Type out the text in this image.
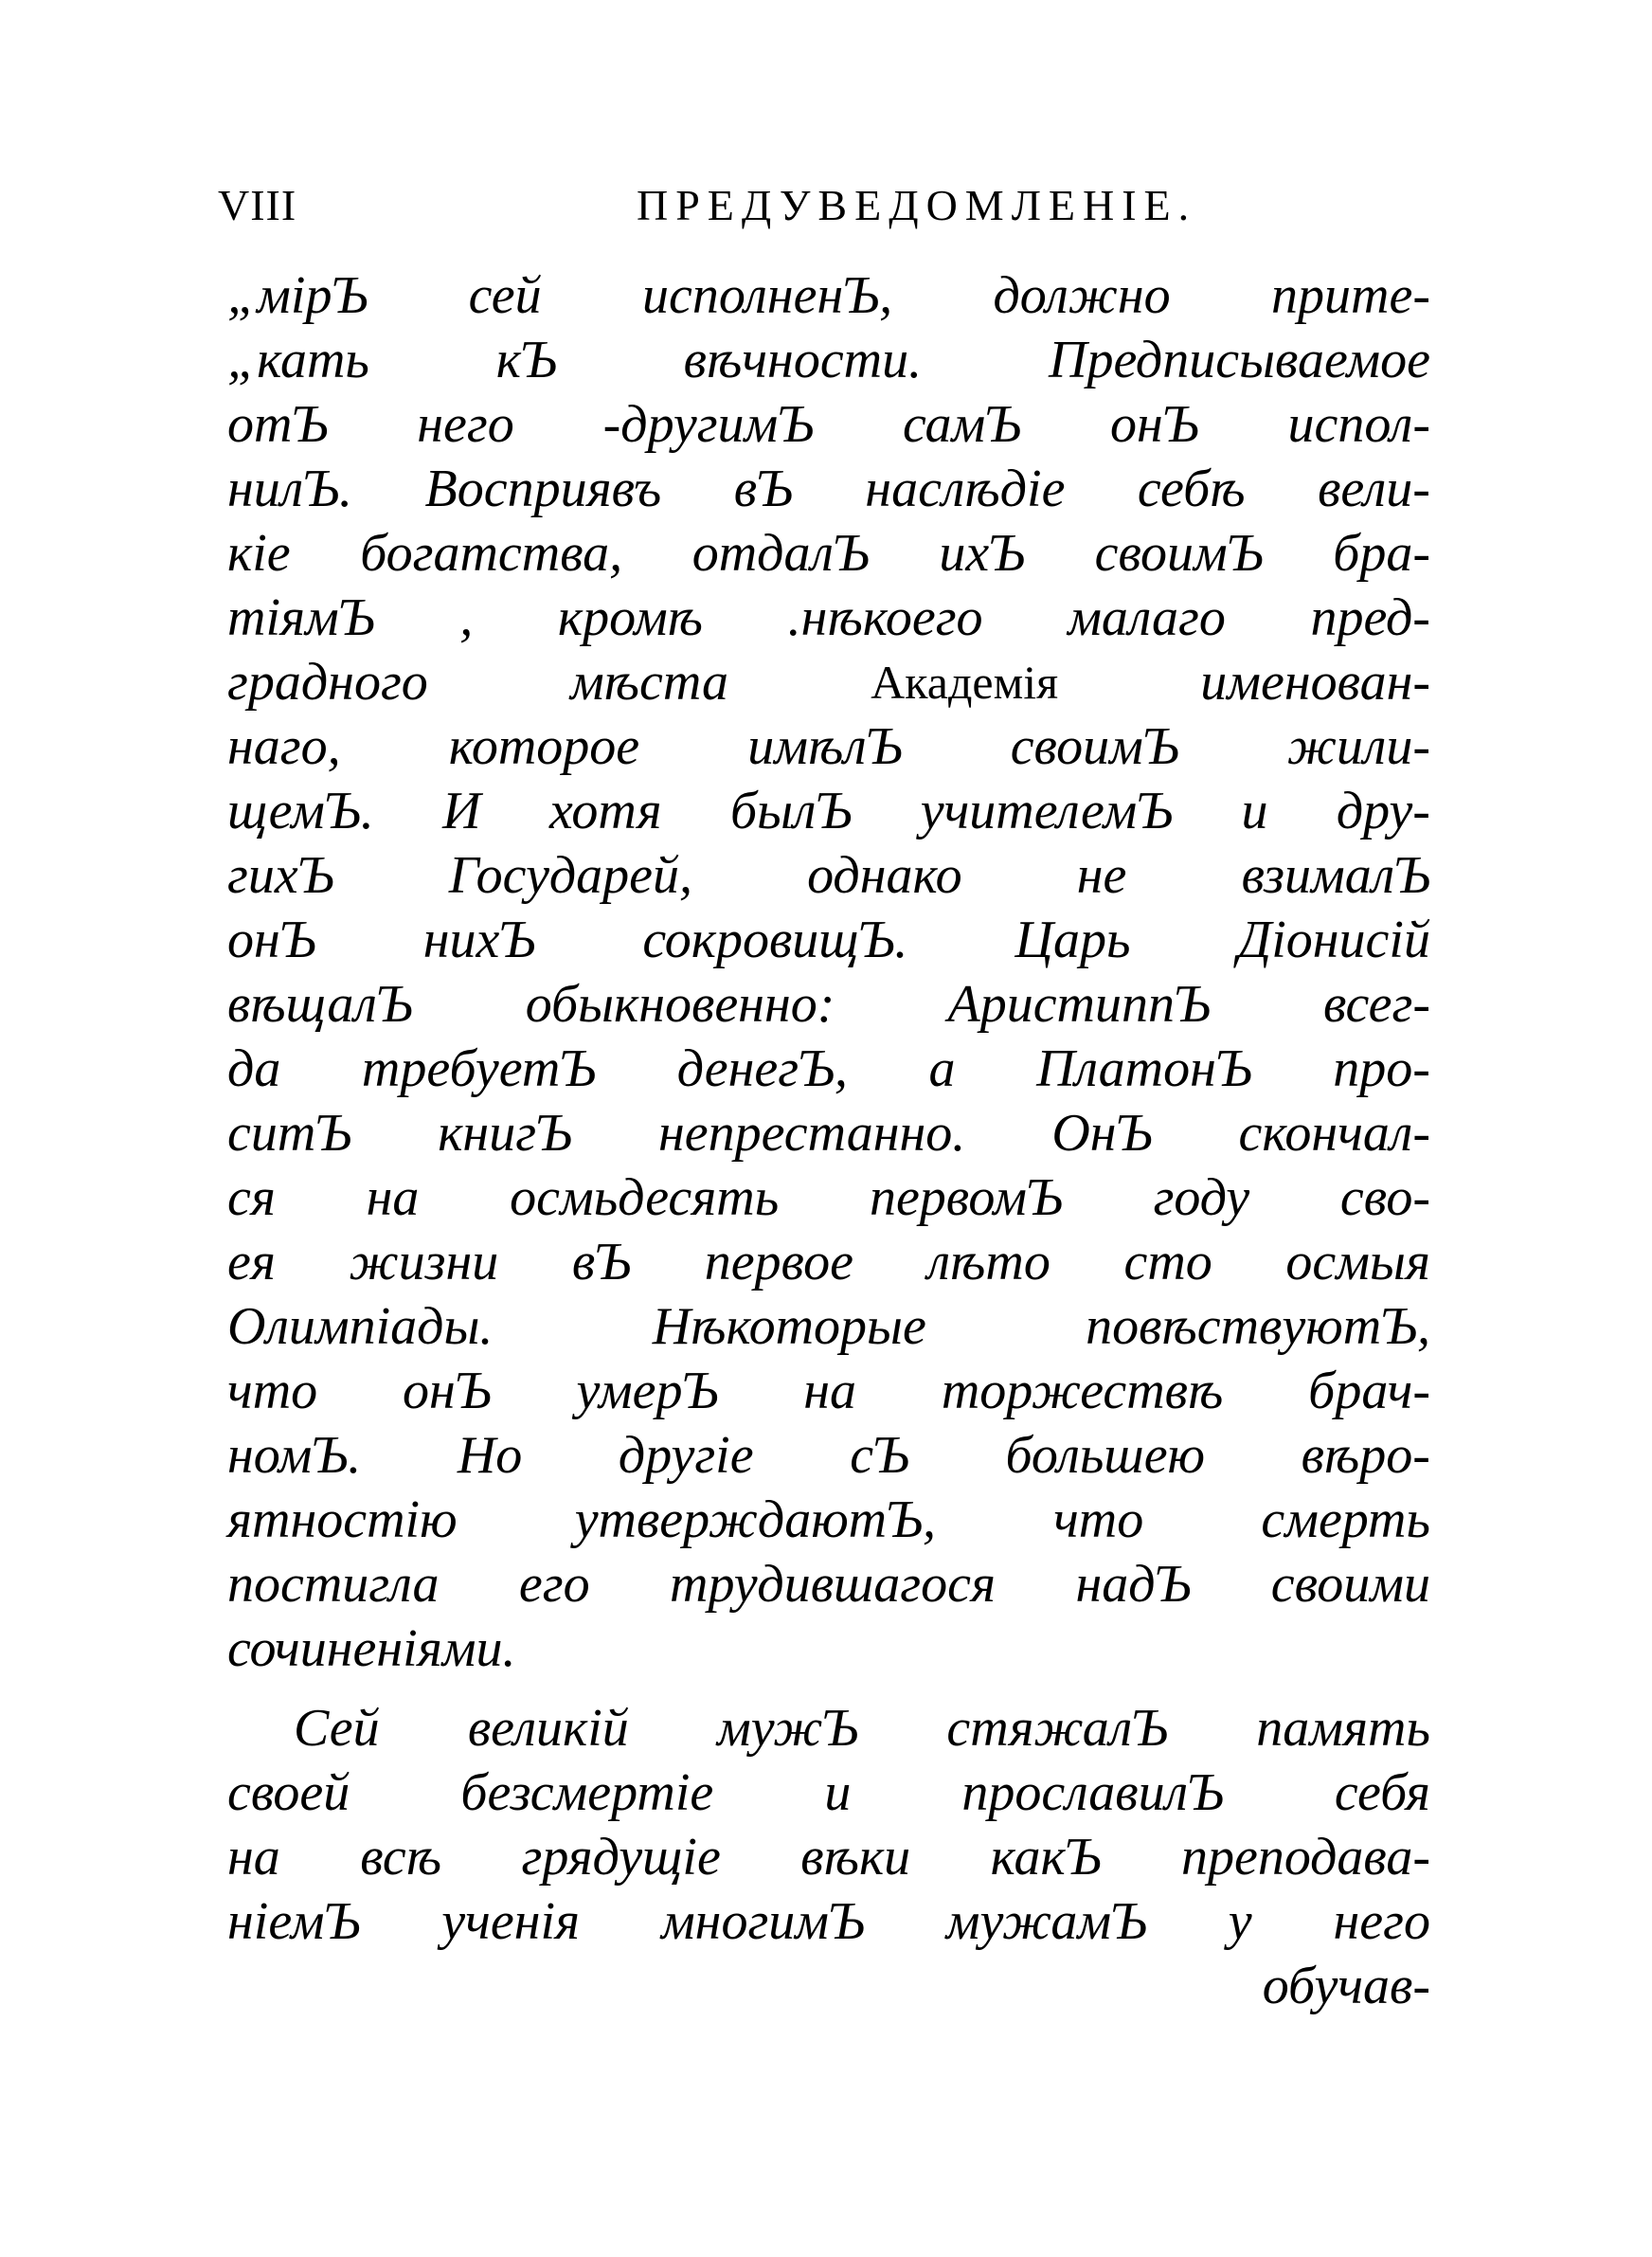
VIII	ПРЕДУВЕДОМЛЕНІЕ.
„мірЪ сей исполненЪ, должно прите-
„кать кЪ вѣчности. Предписываемое
отЪ него -другимЪ самЪ онЪ испол-
нилЪ. Восприявъ вЪ наслѣдіе себѣ вели-
кіе богатства, отдалЪ ихЪ своимЪ бра-
тіямЪ , кромѣ .нѣкоего малаго пред-
градного	мѣста	Академія	именован-
наго, которое имѣлЪ своимЪ жили-
щемЪ. И хотя былЪ учителемЪ и дру-
гихЪ Государей, однако не взималЪ
онЪ нихЪ сокровищЪ. Царь Діонисій
вѣщалЪ обыкновенно: АристиппЪ всег-
да требуетЪ денегЪ, а ПлатонЪ про-
ситЪ книгЪ непрестанно. ОнЪ скончал-
ся на осмьдесять первомЪ году сво-
ея жизни вЪ первое лѣто сто осмыя
Олимпіады.	Нѣкоторые	повѣствуютЪ,
что онЪ умерЪ на торжествѣ брач-
номЪ. Но другіе сЪ большею вѣро-
ятностію утверждаютЪ, что смерть
постигла его трудившагося надЪ своими
сочиненіями.
Сей великій мужЪ стяжалЪ память
своей безсмертіе и прославилЪ себя
на всѣ грядущіе вѣки какЪ преподава-
ніемЪ ученія многимЪ мужамЪ у него
обучав-
